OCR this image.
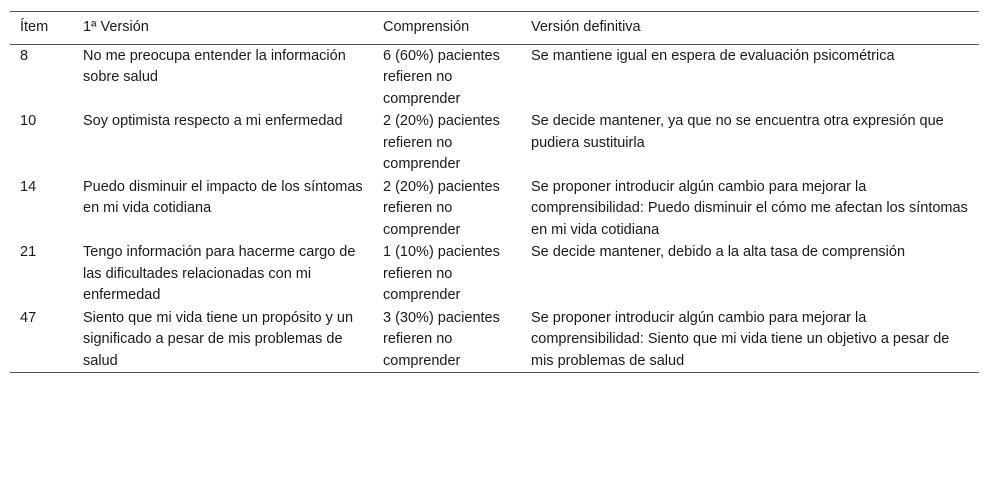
Ítem	1ª Versión	Comprensión	Versión definitiva
8	No me preocupa entender la información sobre salud	6 (60%) pacientes refieren no comprender	Se mantiene igual en espera de evaluación psicométrica
10	Soy optimista respecto a mi enfermedad	2 (20%) pacientes refieren no comprender	Se decide mantener, ya que no se encuentra otra expresión que pudiera sustituirla
14	Puedo disminuir el impacto de los síntomas en mi vida cotidiana	2 (20%) pacientes refieren no comprender	Se proponer introducir algún cambio para mejorar la comprensibilidad: Puedo disminuir el cómo me afectan los síntomas en mi vida cotidiana
21	Tengo información para hacerme cargo de las dificultades relacionadas con mi enfermedad	1 (10%) pacientes refieren no comprender	Se decide mantener, debido a la alta tasa de comprensión
47	Siento que mi vida tiene un propósito y un significado a pesar de mis problemas de salud	3 (30%) pacientes refieren no comprender	Se proponer introducir algún cambio para mejorar la comprensibilidad: Siento que mi vida tiene un objetivo a pesar de mis problemas de salud
